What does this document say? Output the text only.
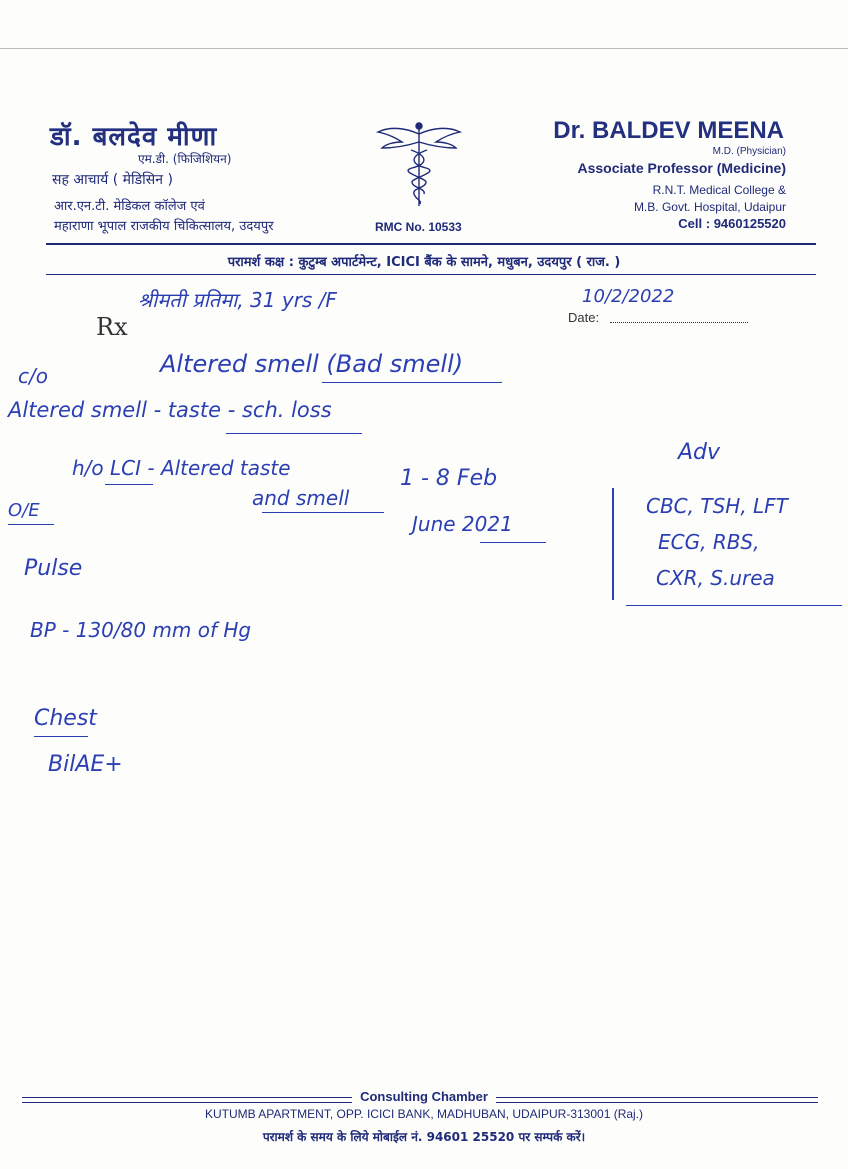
डॉ. बलदेव मीणा
एम.डी. (फिजिशियन)
सह आचार्य ( मेडिसिन )
आर.एन.टी. मेडिकल कॉलेज एवं
महाराणा भूपाल राजकीय चिकित्सालय, उदयपुर	RMC No. 10533
Dr. BALDEV MEENA
M.D. (Physician)
Associate Professor (Medicine)
R.N.T. Medical College &
M.B. Govt. Hospital, Udaipur
Cell : 9460125520
परामर्श कक्ष : कुटुम्ब अपार्टमेन्ट, ICICI बैंक के सामने, मधुबन, उदयपुर ( राज. )
श्रीमती प्रतिमा, 31 yrs /F
Rx
10/2/2022
Date:
c/o	Altered smell (Bad smell)
Altered smell - taste - sch. loss
h/o LCI - Altered taste
and smell
1 - 8 Feb
June 2021
O/E
Pulse
BP - 130/80 mm of Hg
Chest
BilAE+
Adv
CBC, TSH, LFT
ECG, RBS,
CXR, S.urea
Consulting Chamber
KUTUMB APARTMENT, OPP. ICICI BANK, MADHUBAN, UDAIPUR-313001 (Raj.)
परामर्श के समय के लिये मोबाईल नं. 94601 25520 पर सम्पर्क करें।
